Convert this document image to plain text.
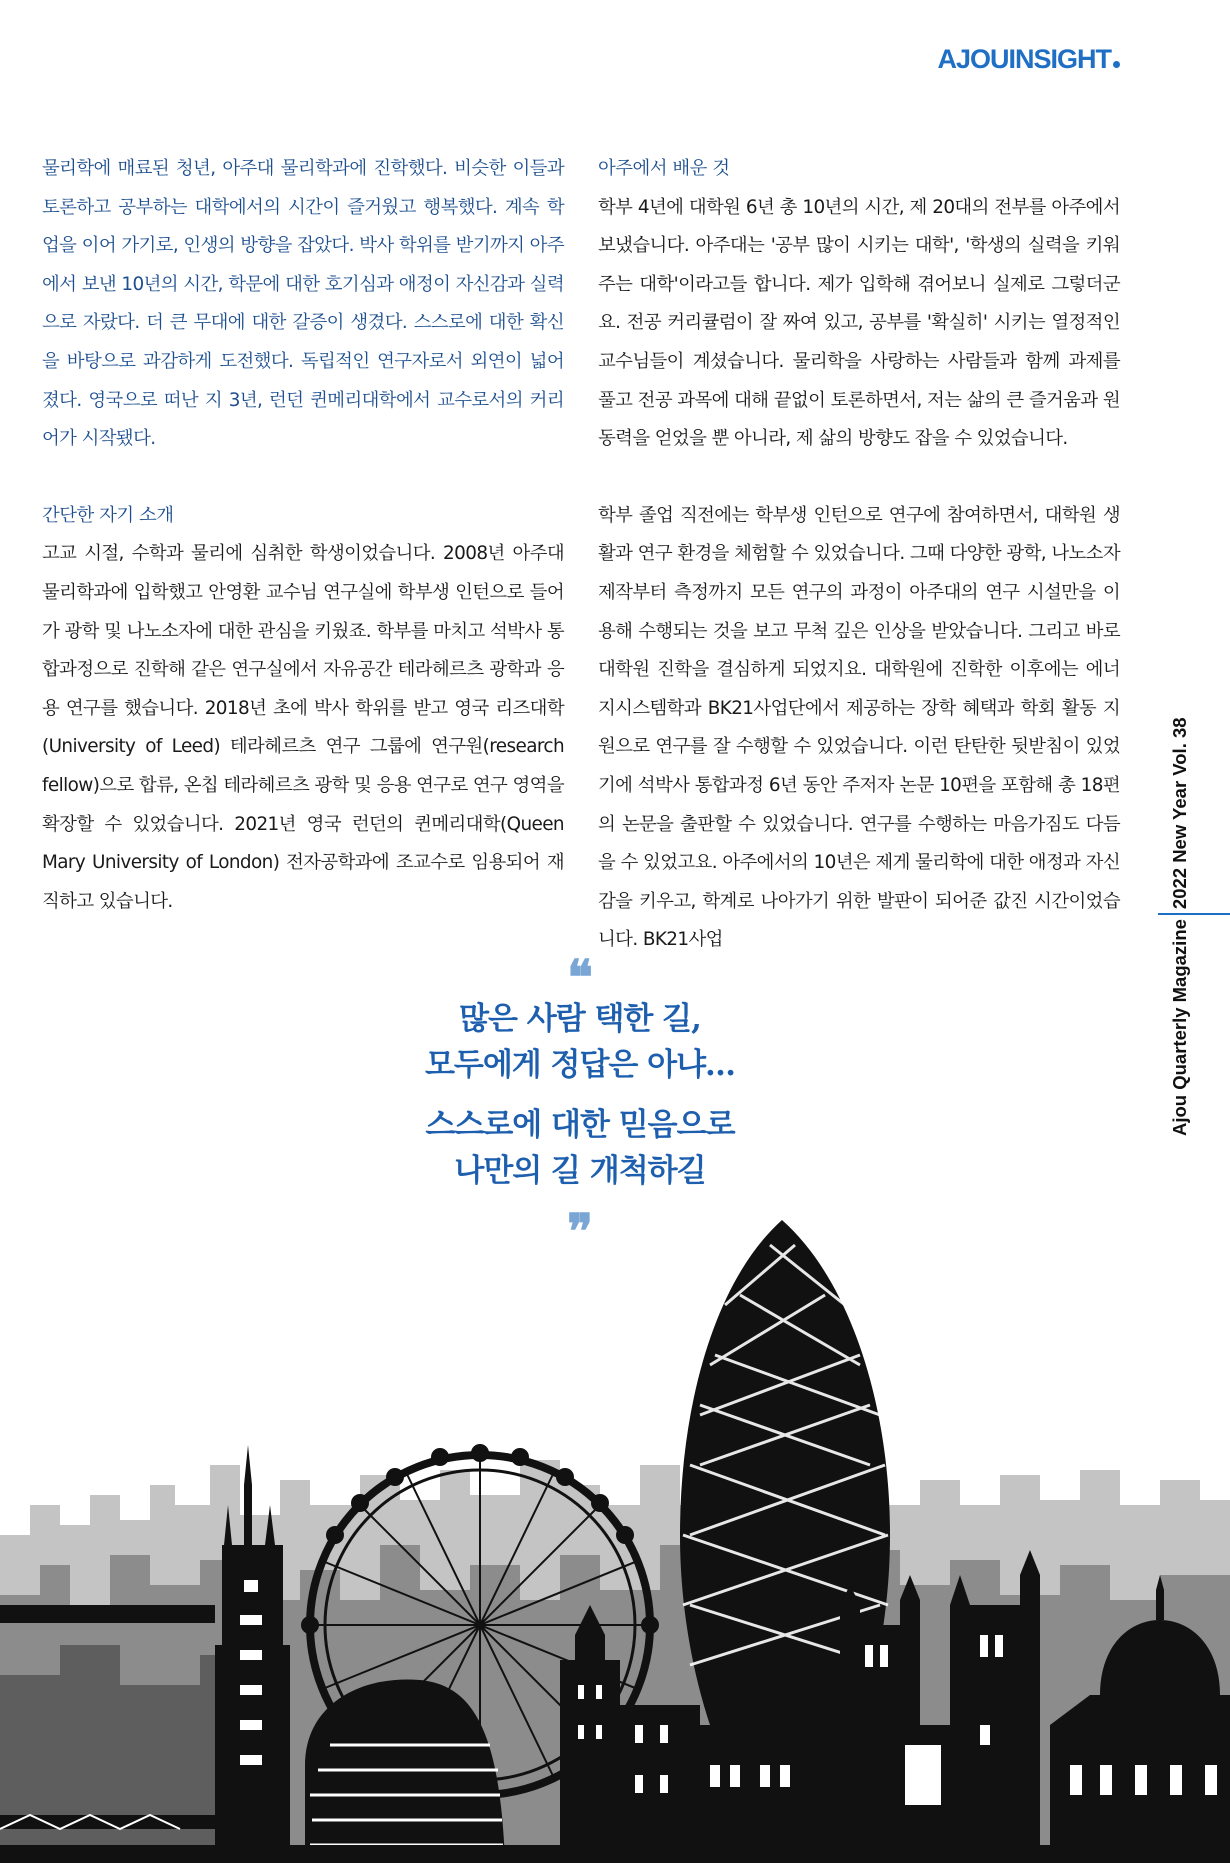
AJOUINSIGHT

물리학에 매료된 청년, 아주대 물리학과에 진학했다. 비슷한 이들과 토론하고 공부하는 대학에서의 시간이 즐거웠고 행복했다. 계속 학업을 이어 가기로, 인생의 방향을 잡았다. 박사 학위를 받기까지 아주에서 보낸 10년의 시간, 학문에 대한 호기심과 애정이 자신감과 실력으로 자랐다. 더 큰 무대에 대한 갈증이 생겼다. 스스로에 대한 확신을 바탕으로 과감하게 도전했다. 독립적인 연구자로서 외연이 넓어졌다. 영국으로 떠난 지 3년, 런던 퀸메리대학에서 교수로서의 커리어가 시작됐다.

간단한 자기 소개

고교 시절, 수학과 물리에 심취한 학생이었습니다. 2008년 아주대 물리학과에 입학했고 안영환 교수님 연구실에 학부생 인턴으로 들어가 광학 및 나노소자에 대한 관심을 키웠죠. 학부를 마치고 석박사 통합과정으로 진학해 같은 연구실에서 자유공간 테라헤르츠 광학과 응용 연구를 했습니다. 2018년 초에 박사 학위를 받고 영국 리즈대학(University of Leed) 테라헤르츠 연구 그룹에 연구원(research fellow)으로 합류, 온칩 테라헤르츠 광학 및 응용 연구로 연구 영역을 확장할 수 있었습니다. 2021년 영국 런던의 퀸메리대학(Queen Mary University of London) 전자공학과에 조교수로 임용되어 재직하고 있습니다.

아주에서 배운 것

학부 4년에 대학원 6년 총 10년의 시간, 제 20대의 전부를 아주에서 보냈습니다. 아주대는 '공부 많이 시키는 대학', '학생의 실력을 키워주는 대학'이라고들 합니다. 제가 입학해 겪어보니 실제로 그렇더군요. 전공 커리큘럼이 잘 짜여 있고, 공부를 '확실히' 시키는 열정적인 교수님들이 계셨습니다. 물리학을 사랑하는 사람들과 함께 과제를 풀고 전공 과목에 대해 끝없이 토론하면서, 저는 삶의 큰 즐거움과 원동력을 얻었을 뿐 아니라, 제 삶의 방향도 잡을 수 있었습니다.

학부 졸업 직전에는 학부생 인턴으로 연구에 참여하면서, 대학원 생활과 연구 환경을 체험할 수 있었습니다. 그때 다양한 광학, 나노소자 제작부터 측정까지 모든 연구의 과정이 아주대의 연구 시설만을 이용해 수행되는 것을 보고 무척 깊은 인상을 받았습니다. 그리고 바로 대학원 진학을 결심하게 되었지요. 대학원에 진학한 이후에는 에너지시스템학과 BK21사업단에서 제공하는 장학 혜택과 학회 활동 지원으로 연구를 잘 수행할 수 있었습니다. 이런 탄탄한 뒷받침이 있었기에 석박사 통합과정 6년 동안 주저자 논문 10편을 포함해 총 18편의 논문을 출판할 수 있었습니다. 연구를 수행하는 마음가짐도 다듬을 수 있었고요. 아주에서의 10년은 제게 물리학에 대한 애정과 자신감을 키우고, 학계로 나아가기 위한 발판이 되어준 값진 시간이었습니다. BK21사업	Ajou Quarterly Magazine
2022 New Year Vol. 38
❝
많은 사람 택한 길,
모두에게 정답은 아냐…
스스로에 대한 믿음으로
나만의 길 개척하길
❞
